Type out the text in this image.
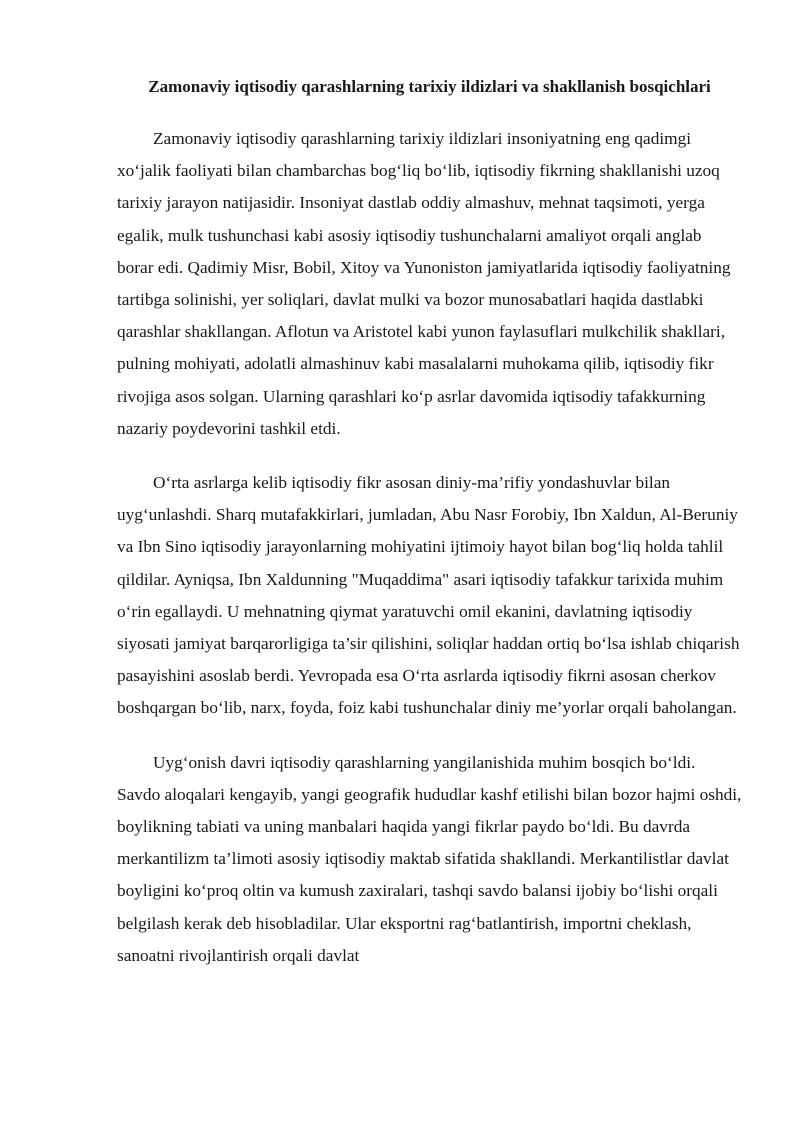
Zamonaviy iqtisodiy qarashlarning tarixiy ildizlari va shakllanish bosqichlari

Zamonaviy iqtisodiy qarashlarning tarixiy ildizlari insoniyatning eng qadimgi xo‘jalik faoliyati bilan chambarchas bog‘liq bo‘lib, iqtisodiy fikrning shakllanishi uzoq tarixiy jarayon natijasidir. Insoniyat dastlab oddiy almashuv, mehnat taqsimoti, yerga egalik, mulk tushunchasi kabi asosiy iqtisodiy tushunchalarni amaliyot orqali anglab borar edi. Qadimiy Misr, Bobil, Xitoy va Yunoniston jamiyatlarida iqtisodiy faoliyatning tartibga solinishi, yer soliqlari, davlat mulki va bozor munosabatlari haqida dastlabki qarashlar shakllangan. Aflotun va Aristotel kabi yunon faylasuflari mulkchilik shakllari, pulning mohiyati, adolatli almashinuv kabi masalalarni muhokama qilib, iqtisodiy fikr rivojiga asos solgan. Ularning qarashlari ko‘p asrlar davomida iqtisodiy tafakkurning nazariy poydevorini tashkil etdi.

O‘rta asrlarga kelib iqtisodiy fikr asosan diniy-ma’rifiy yondashuvlar bilan uyg‘unlashdi. Sharq mutafakkirlari, jumladan, Abu Nasr Forobiy, Ibn Xaldun, Al-Beruniy va Ibn Sino iqtisodiy jarayonlarning mohiyatini ijtimoiy hayot bilan bog‘liq holda tahlil qildilar. Ayniqsa, Ibn Xaldunning "Muqaddima" asari iqtisodiy tafakkur tarixida muhim o‘rin egallaydi. U mehnatning qiymat yaratuvchi omil ekanini, davlatning iqtisodiy siyosati jamiyat barqarorligiga ta’sir qilishini, soliqlar haddan ortiq bo‘lsa ishlab chiqarish pasayishini asoslab berdi. Yevropada esa O‘rta asrlarda iqtisodiy fikrni asosan cherkov boshqargan bo‘lib, narx, foyda, foiz kabi tushunchalar diniy me’yorlar orqali baholangan.

Uyg‘onish davri iqtisodiy qarashlarning yangilanishida muhim bosqich bo‘ldi. Savdo aloqalari kengayib, yangi geografik hududlar kashf etilishi bilan bozor hajmi oshdi, boylikning tabiati va uning manbalari haqida yangi fikrlar paydo bo‘ldi. Bu davrda merkantilizm ta’limoti asosiy iqtisodiy maktab sifatida shakllandi. Merkantilistlar davlat boyligini ko‘proq oltin va kumush zaxiralari, tashqi savdo balansi ijobiy bo‘lishi orqali belgilash kerak deb hisobladilar. Ular eksportni rag‘batlantirish, importni cheklash, sanoatni rivojlantirish orqali davlat
